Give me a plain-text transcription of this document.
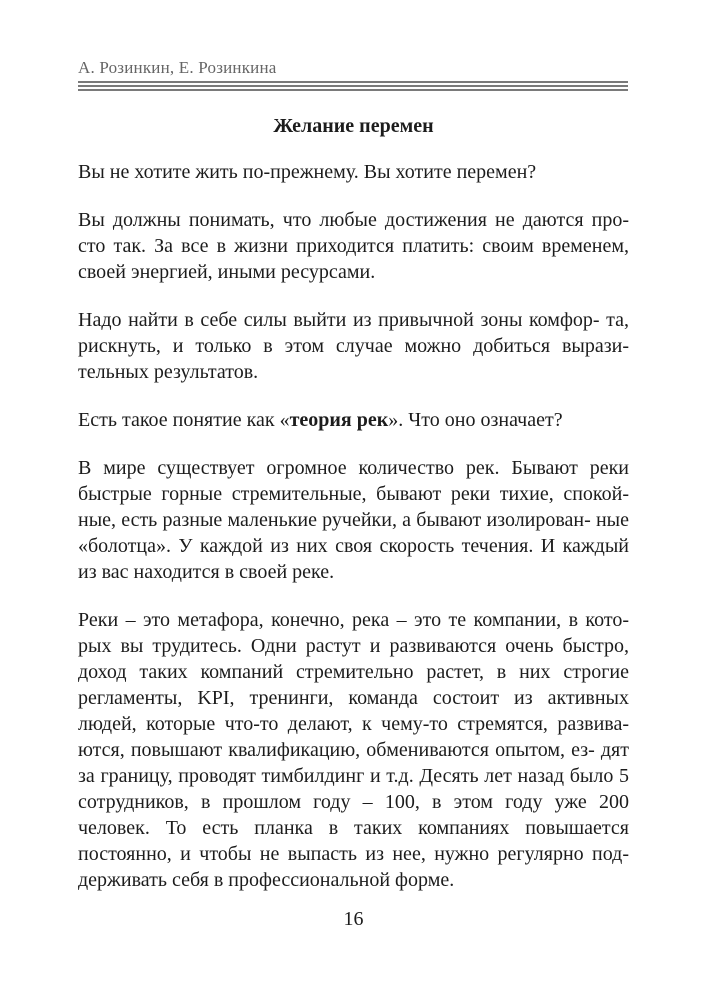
А. Розинкин, Е. Розинкина
Желание перемен

Вы не хотите жить по-прежнему. Вы хотите перемен?

Вы должны понимать, что любые достижения не даются про- сто так. За все в жизни приходится платить: своим временем, своей энергией, иными ресурсами.

Надо найти в себе силы выйти из привычной зоны комфор- та, рискнуть, и только в этом случае можно добиться вырази- тельных результатов.

Есть такое понятие как «теория рек». Что оно означает?

В мире существует огромное количество рек. Бывают реки быстрые горные стремительные, бывают реки тихие, спокой- ные, есть разные маленькие ручейки, а бывают изолирован- ные «болотца». У каждой из них своя скорость течения. И каждый из вас находится в своей реке.

Реки – это метафора, конечно, река – это те компании, в кото- рых вы трудитесь. Одни растут и развиваются очень быстро, доход таких компаний стремительно растет, в них строгие регламенты, KPI, тренинги, команда состоит из активных людей, которые что-то делают, к чему-то стремятся, развива- ются, повышают квалификацию, обмениваются опытом, ез- дят за границу, проводят тимбилдинг и т.д. Десять лет назад было 5 сотрудников, в прошлом году – 100, в этом году уже 200 человек. То есть планка в таких компаниях повышается постоянно, и чтобы не выпасть из нее, нужно регулярно под- держивать себя в профессиональной форме.

16
